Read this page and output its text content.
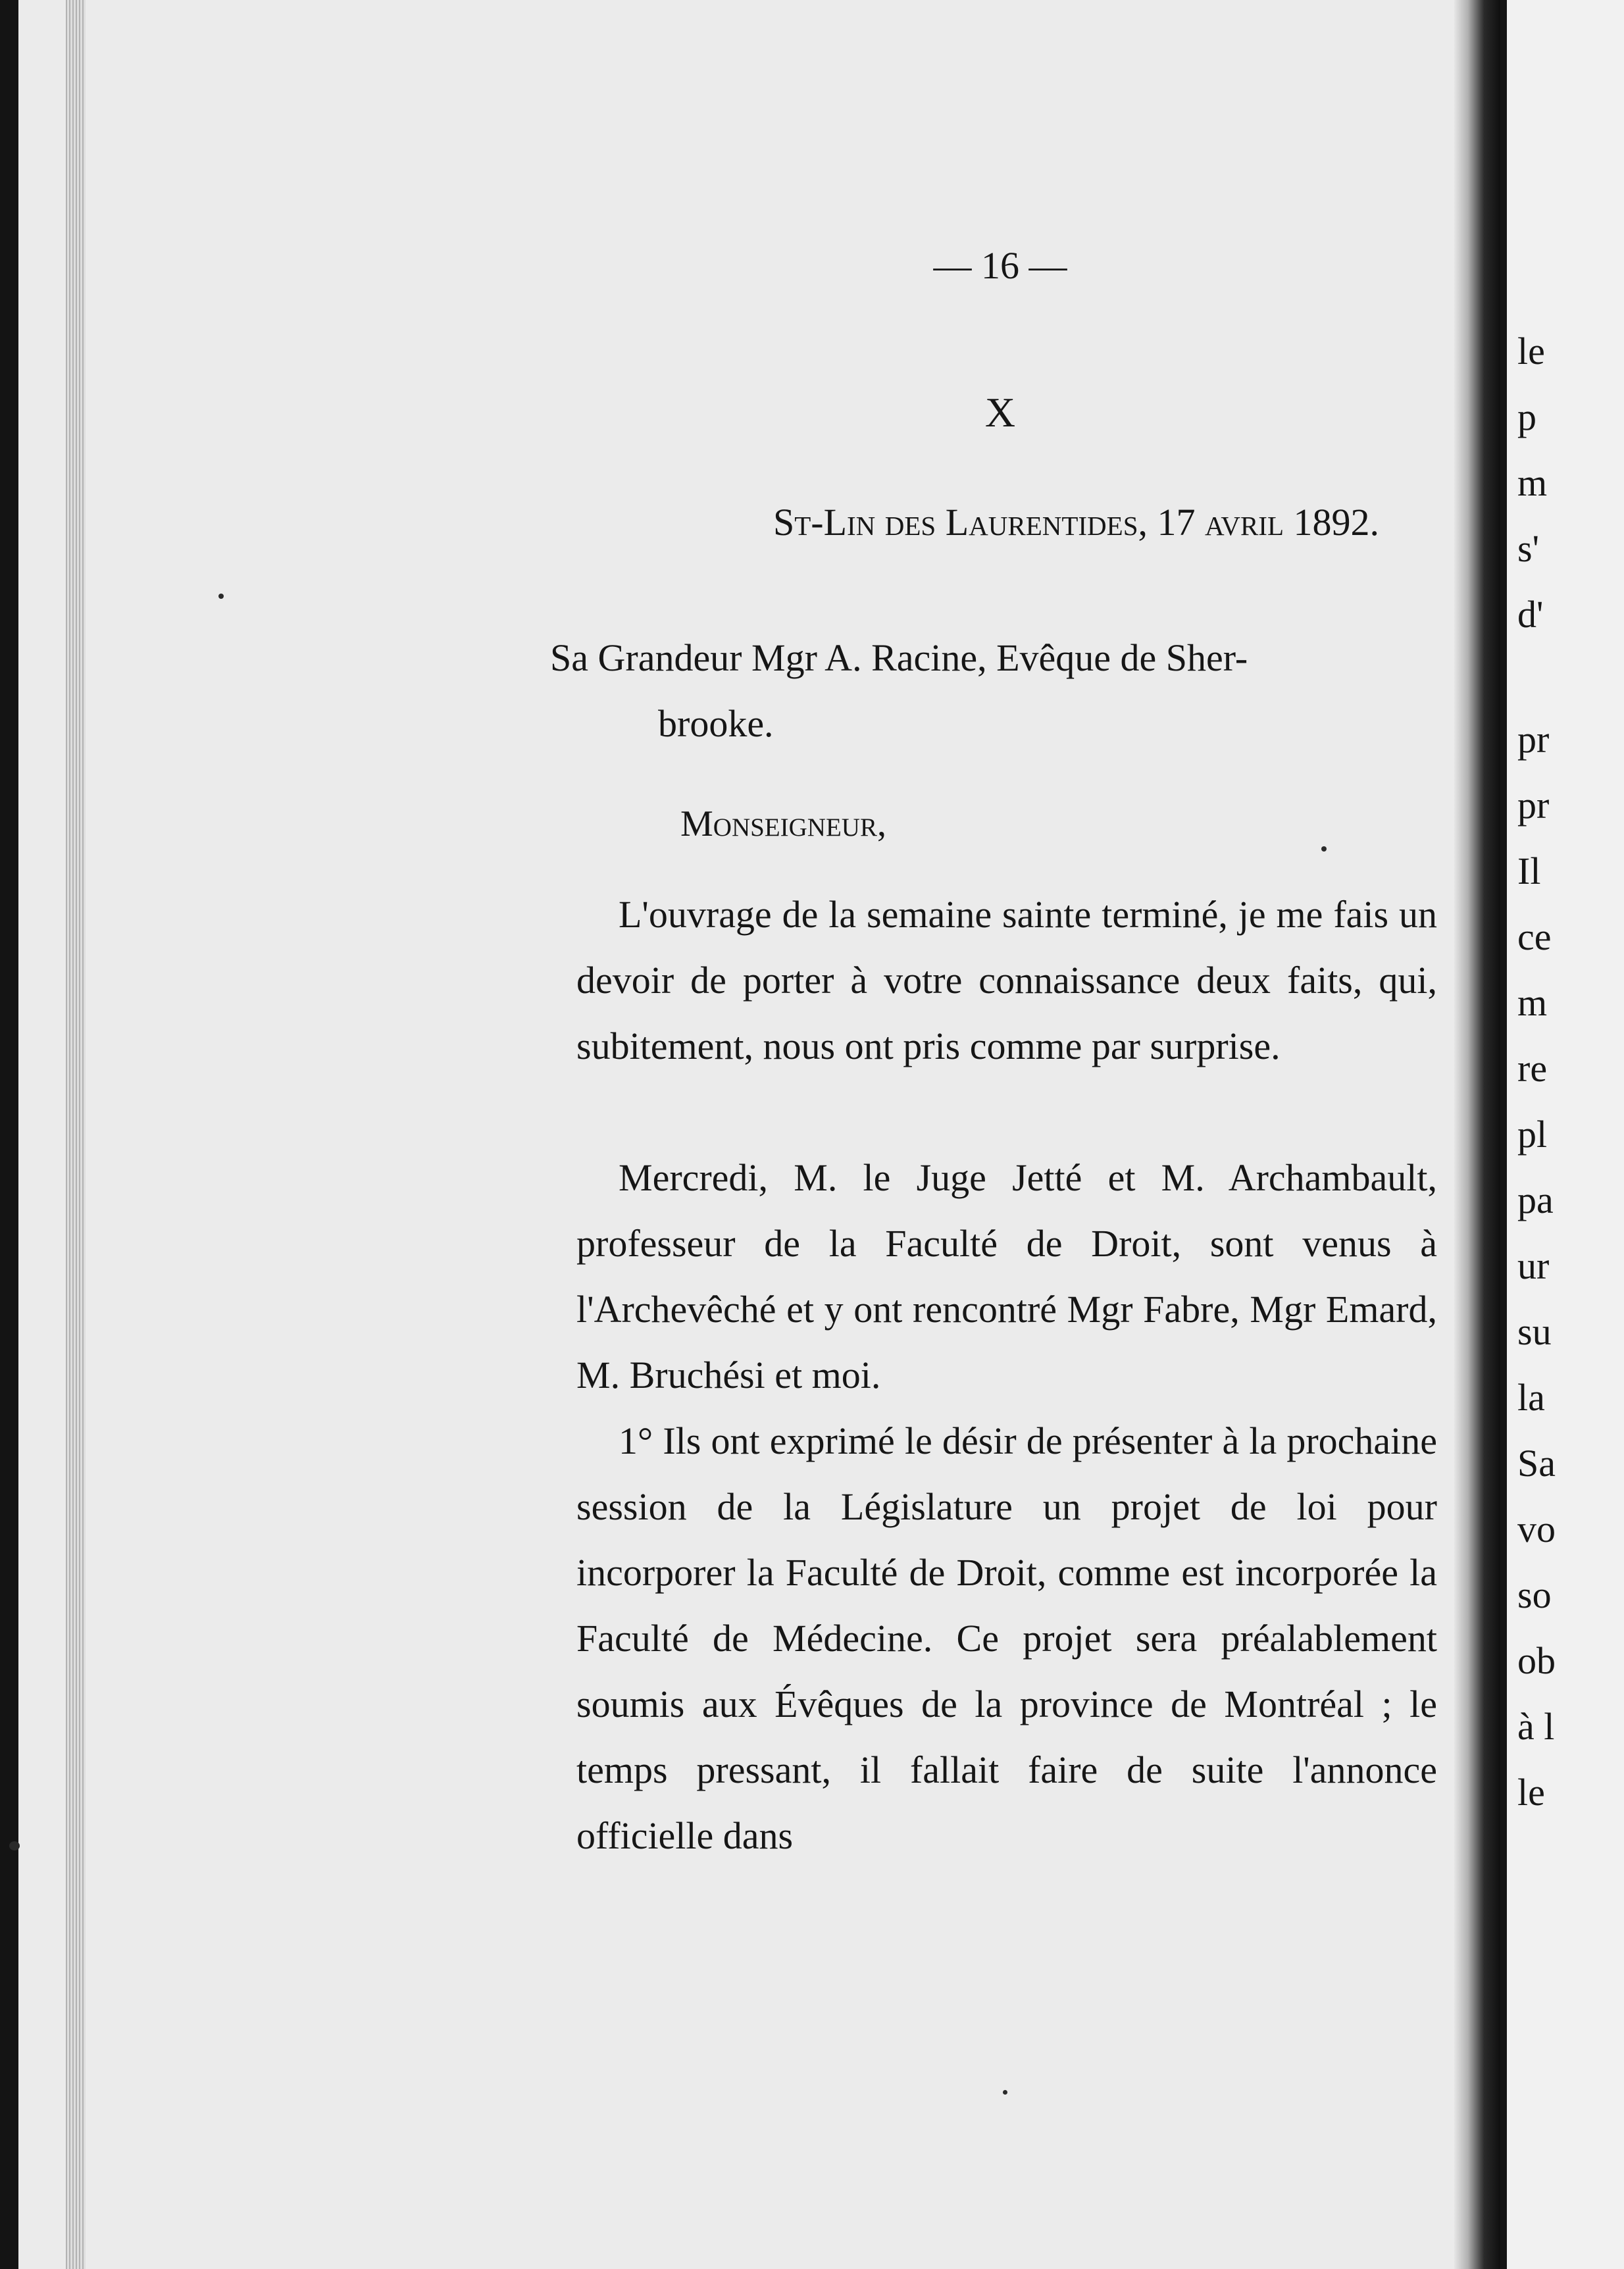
— 16 —
X
St-Lin des Laurentides, 17 avril 1892.
Sa Grandeur Mgr A. Racine, Evêque de Sher-
brooke.
Monseigneur,
L'ouvrage de la semaine sainte terminé, je me fais un devoir de porter à votre connaissance deux faits, qui, subitement, nous ont pris comme par surprise.
Mercredi, M. le Juge Jetté et M. Archambault, professeur de la Faculté de Droit, sont venus à l'Archevêché et y ont rencontré Mgr Fabre, Mgr Emard, M. Bruchési et moi.
1° Ils ont exprimé le désir de présenter à la prochaine session de la Législature un projet de loi pour incorporer la Faculté de Droit, comme est incorporée la Faculté de Médecine. Ce projet sera préalablement soumis aux Évêques de la province de Montréal ; le temps pressant, il fallait faire de suite l'annonce officielle dans
le
p
m
s'
d'
pr
pr
Il
ce
m
re
pl
pa
ur
su
la
Sa
vo
so
ob
à l
le
